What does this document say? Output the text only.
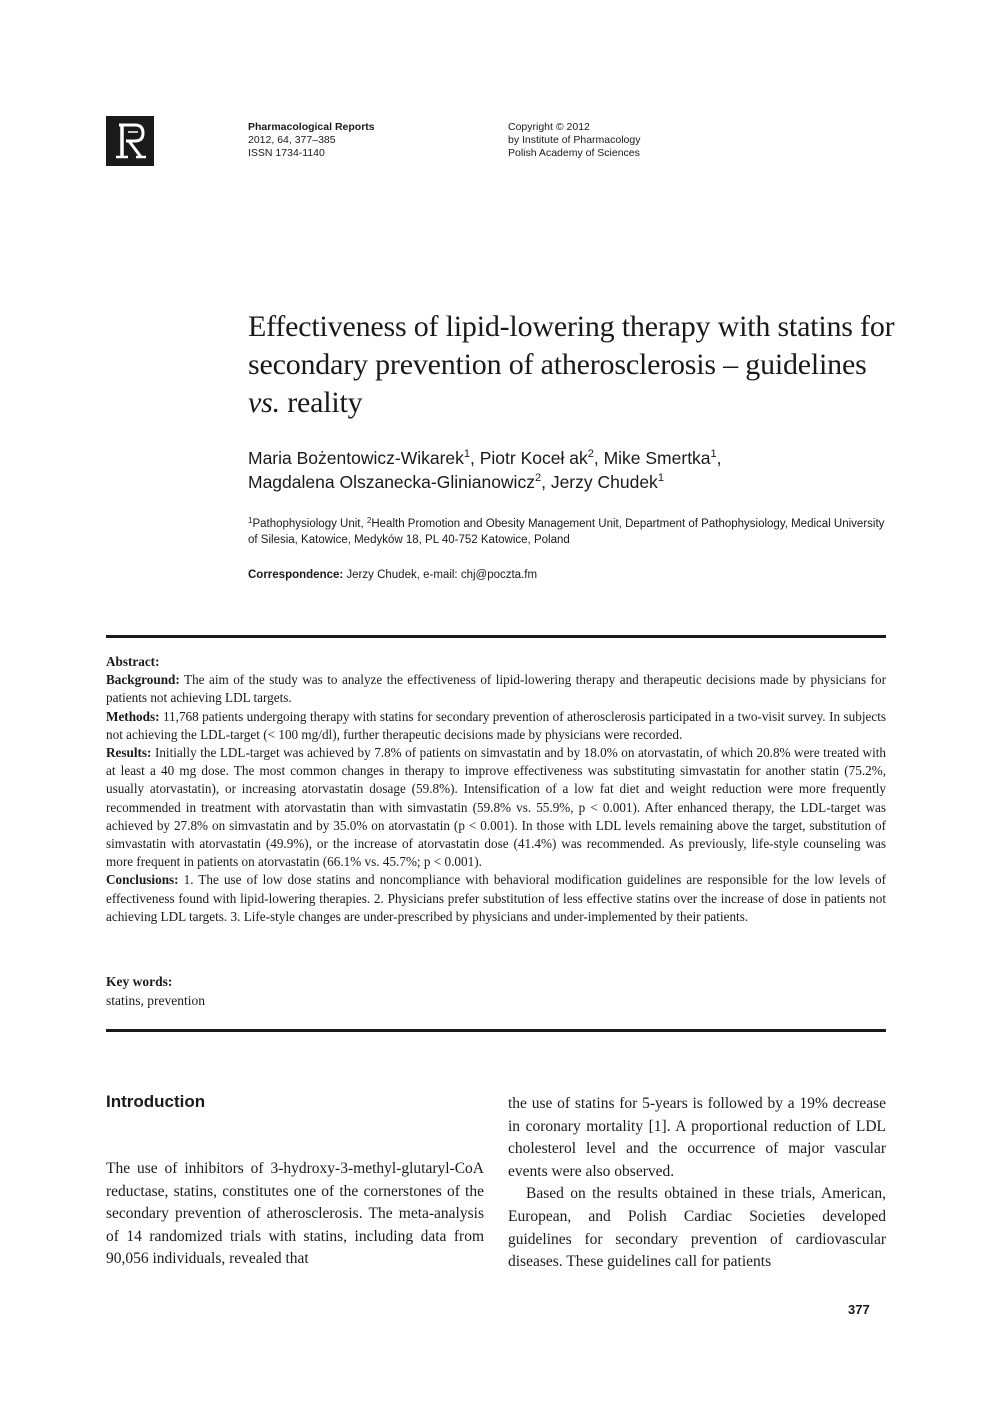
Pharmacological Reports
2012, 64, 377–385
ISSN 1734-1140
Copyright © 2012
by Institute of Pharmacology
Polish Academy of Sciences
Effectiveness of lipid-lowering therapy with statins for secondary prevention of atherosclerosis – guidelines vs. reality
Maria Bożentowicz-Wikarek$^1$, Piotr Koceł $ak^2$, Mike Smertka$^1$,
Magdalena Olszanecka-Glinianowicz$^2$, Jerzy Chudek$^1$
$^1$Pathophysiology Unit, $^2$Health Promotion and Obesity Management Unit, Department of Pathophysiology, Medical University of Silesia, Katowice, Medyków 18, PL 40-752 Katowice, Poland
Correspondence: Jerzy Chudek, e-mail: chj@poczta.fm

Abstract:

Background: The aim of the study was to analyze the effectiveness of lipid-lowering therapy and therapeutic decisions made by physicians for patients not achieving LDL targets.

Methods: 11,768 patients undergoing therapy with statins for secondary prevention of atherosclerosis participated in a two-visit survey. In subjects not achieving the LDL-target (< 100 mg/dl), further therapeutic decisions made by physicians were recorded.

Results: Initially the LDL-target was achieved by 7.8% of patients on simvastatin and by 18.0% on atorvastatin, of which 20.8% were treated with at least a 40 mg dose. The most common changes in therapy to improve effectiveness was substituting simvastatin for another statin (75.2%, usually atorvastatin), or increasing atorvastatin dosage (59.8%). Intensification of a low fat diet and weight reduction were more frequently recommended in treatment with atorvastatin than with simvastatin (59.8% vs. 55.9%, p < 0.001). After enhanced therapy, the LDL-target was achieved by 27.8% on simvastatin and by 35.0% on atorvastatin (p < 0.001). In those with LDL levels remaining above the target, substitution of simvastatin with atorvastatin (49.9%), or the increase of atorvastatin dose (41.4%) was recommended. As previously, life-style counseling was more frequent in patients on atorvastatin (66.1% vs. 45.7%; p < 0.001).

Conclusions: 1. The use of low dose statins and noncompliance with behavioral modification guidelines are responsible for the low levels of effectiveness found with lipid-lowering therapies. 2. Physicians prefer substitution of less effective statins over the increase of dose in patients not achieving LDL targets. 3. Life-style changes are under-prescribed by physicians and under-implemented by their patients.

Key words:
statins, prevention
Introduction

The use of inhibitors of 3-hydroxy-3-methyl-glutaryl-CoA reductase, statins, constitutes one of the cornerstones of the secondary prevention of atherosclerosis. The meta-analysis of 14 randomized trials with statins, including data from 90,056 individuals, revealed that

the use of statins for 5-years is followed by a 19% decrease in coronary mortality [1]. A proportional reduction of LDL cholesterol level and the occurrence of major vascular events were also observed.

Based on the results obtained in these trials, American, European, and Polish Cardiac Societies developed guidelines for secondary prevention of cardiovascular diseases. These guidelines call for patients

377
